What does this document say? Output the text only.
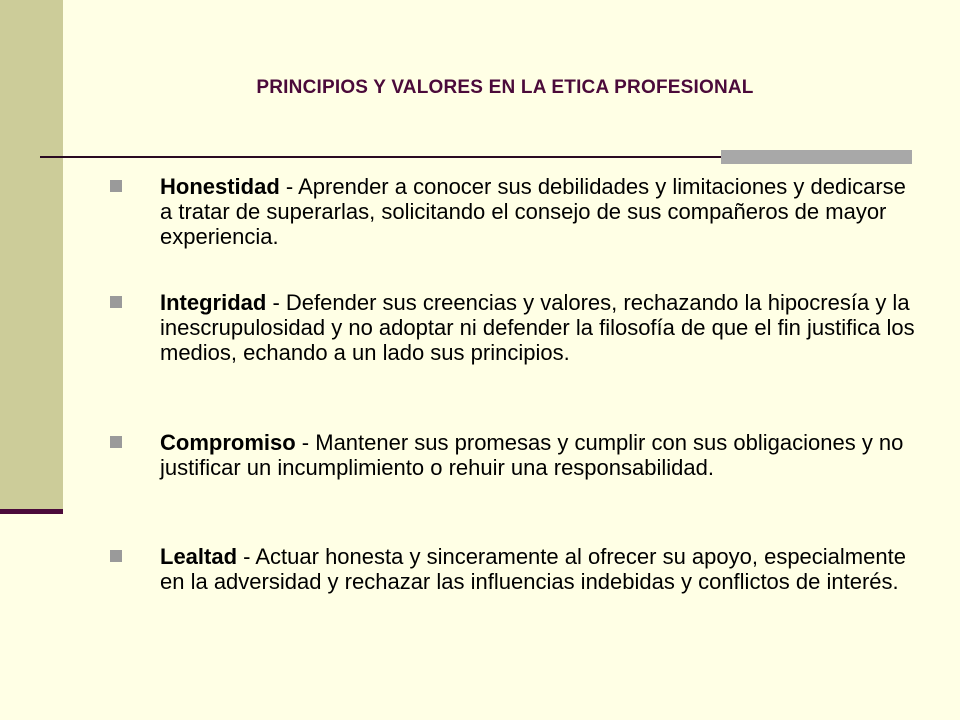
PRINCIPIOS Y VALORES EN LA ETICA PROFESIONAL
Honestidad - Aprender a conocer sus debilidades y limitaciones y dedicarse a tratar de superarlas, solicitando el consejo de sus compañeros de mayor experiencia.
Integridad - Defender sus creencias y valores, rechazando la hipocresía y la inescrupulosidad y no adoptar ni defender la filosofía de que el fin justifica los medios, echando a un lado sus principios.
Compromiso - Mantener sus promesas y cumplir con sus obligaciones y no justificar un incumplimiento o rehuir una responsabilidad.
Lealtad - Actuar honesta y sinceramente al ofrecer su apoyo, especialmente en la adversidad y rechazar las influencias indebidas y conflictos de interés.
